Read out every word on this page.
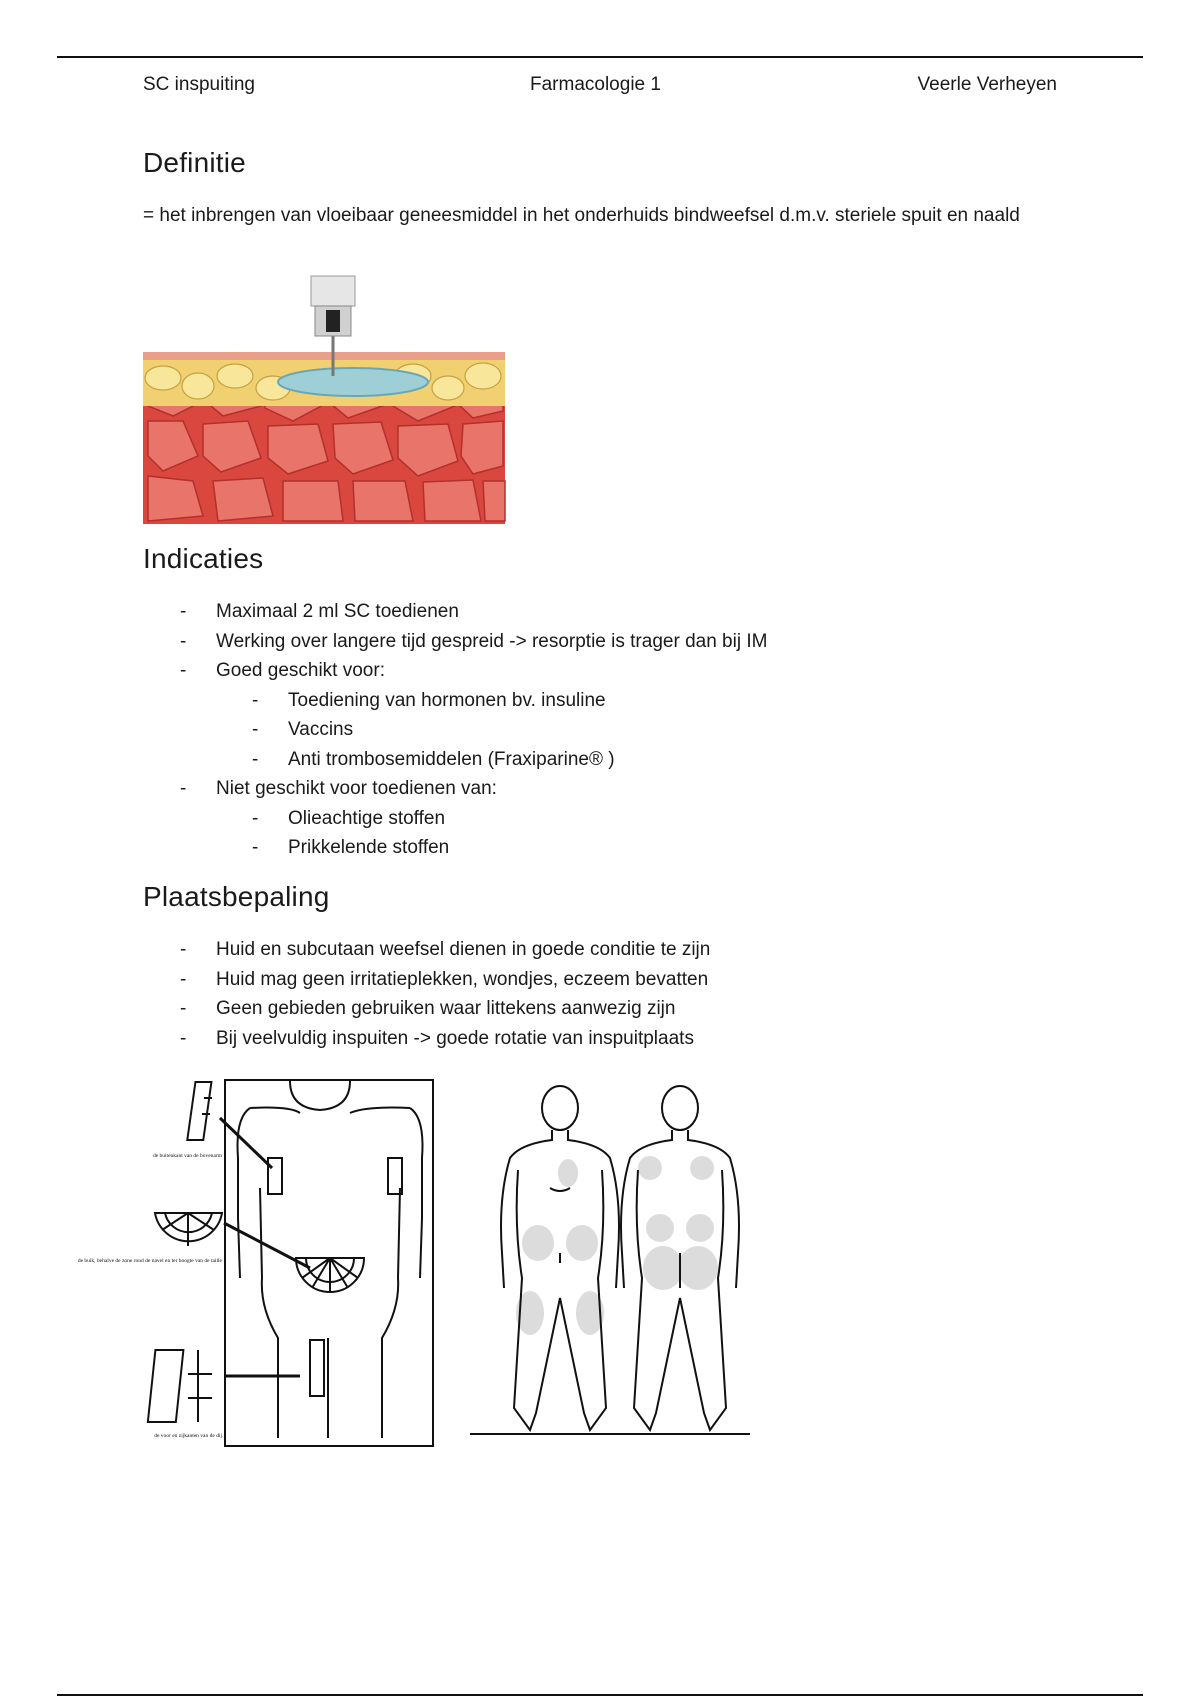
SC inspuiting	Farmacologie 1	Veerle Verheyen
Definitie

= het inbrengen van vloeibaar geneesmiddel in het onderhuids bindweefsel d.m.v. steriele spuit en naald

Indicaties
- Maximaal 2 ml SC toedienen
- Werking over langere tijd gespreid -> resorptie is trager dan bij IM
- Goed geschikt voor:
- Toediening van hormonen bv. insuline
- Vaccins
- Anti trombosemiddelen (Fraxiparine® )
- Niet geschikt voor toedienen van:
- Olieachtige stoffen
- Prikkelende stoffen
Plaatsbepaling
- Huid en subcutaan weefsel dienen in goede conditie te zijn
- Huid mag geen irritatieplekken, wondjes, eczeem bevatten
- Geen gebieden gebruiken waar littekens aanwezig zijn
- Bij veelvuldig inspuiten -> goede rotatie van inspuitplaats
de buitenkant van de bovenarm
de buik, behalve de zone rond de navel en ter hoogte van de taille
de voor en zijkanten van de dij
